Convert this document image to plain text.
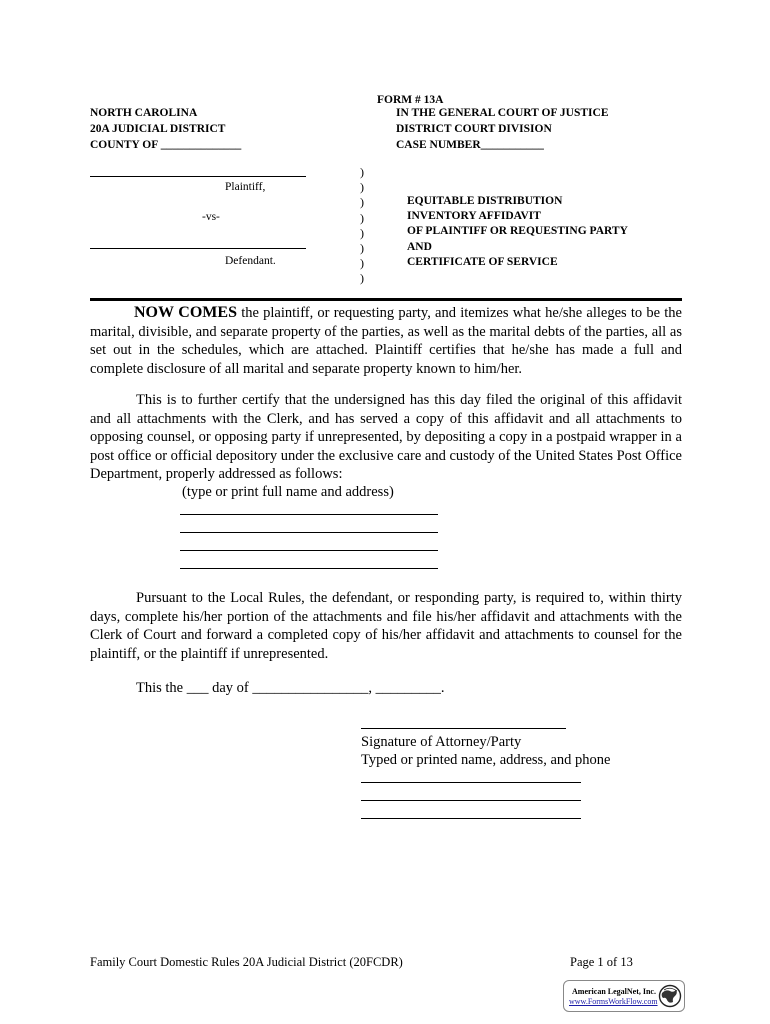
FORM # 13A
NORTH CAROLINA
20A JUDICIAL DISTRICT
COUNTY OF ______________
IN THE GENERAL COURT OF JUSTICE
DISTRICT COURT DIVISION
CASE NUMBER___________
Plaintiff,
-vs-
Defendant.
)
)
)
)
)
)
)
)
EQUITABLE DISTRIBUTION
INVENTORY AFFIDAVIT
OF PLAINTIFF OR REQUESTING PARTY
AND
CERTIFICATE OF SERVICE
NOW COMES the plaintiff, or requesting party, and itemizes what he/she alleges to be the marital, divisible, and separate property of the parties, as well as the marital debts of the parties, all as set out in the schedules, which are attached. Plaintiff certifies that he/she has made a full and complete disclosure of all marital and separate property known to him/her.
This is to further certify that the undersigned has this day filed the original of this affidavit and all attachments with the Clerk, and has served a copy of this affidavit and all attachments to opposing counsel, or opposing party if unrepresented, by depositing a copy in a postpaid wrapper in a post office or official depository under the exclusive care and custody of the United States Post Office Department, properly addressed as follows:
(type or print full name and address)
Pursuant to the Local Rules, the defendant, or responding party, is required to, within thirty days, complete his/her portion of the attachments and file his/her affidavit and attachments with the Clerk of Court and forward a completed copy of his/her affidavit and attachments to counsel for the plaintiff, or the plaintiff if unrepresented.
This the ___ day of ________________, _________.
Signature of Attorney/Party
Typed or printed name, address, and phone
Family Court Domestic Rules 20A Judicial District (20FCDR)	Page 1 of 13
American LegalNet, Inc.
www.FormsWorkFlow.com
